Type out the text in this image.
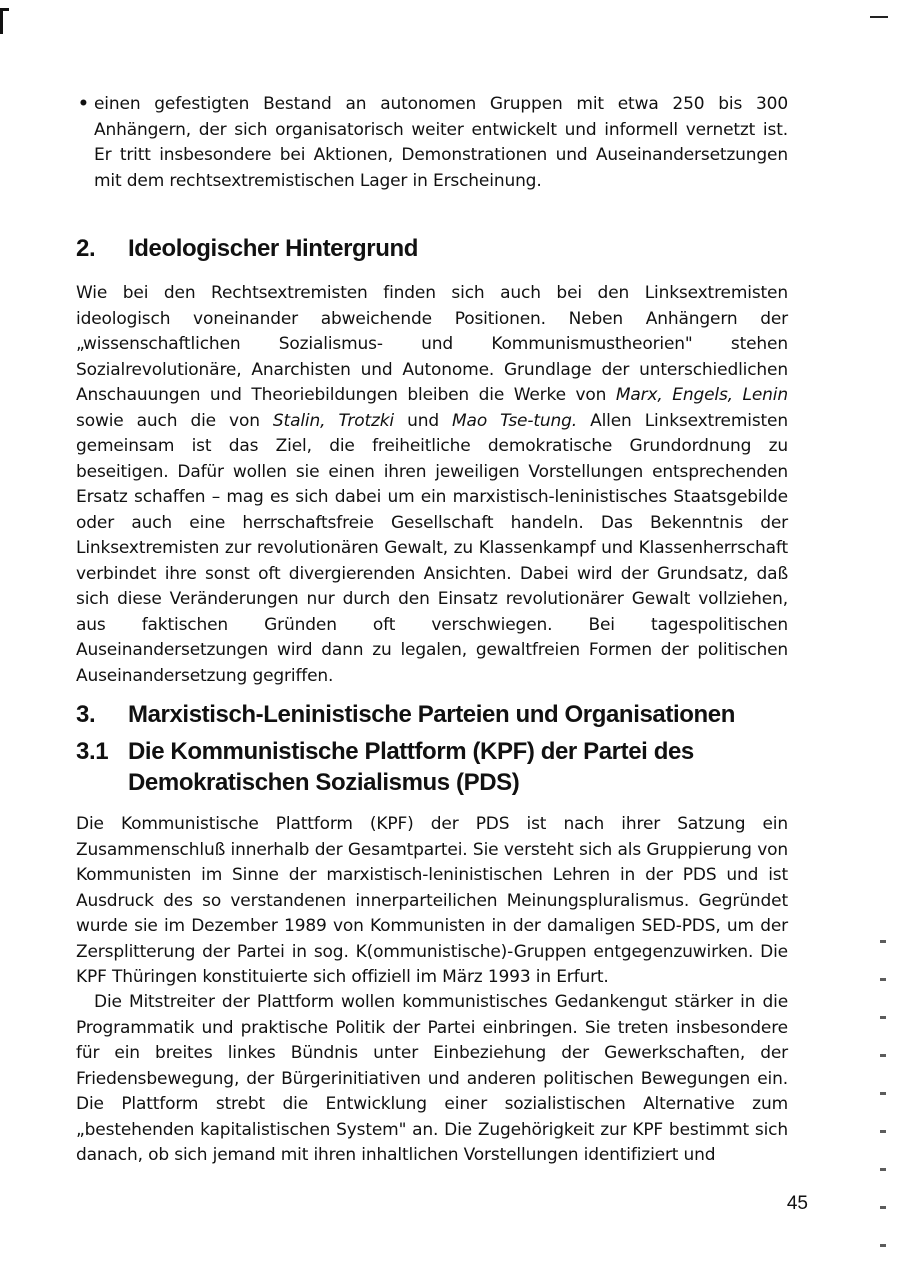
• einen gefestigten Bestand an autonomen Gruppen mit etwa 250 bis 300 Anhängern, der sich organisatorisch weiter entwickelt und informell vernetzt ist. Er tritt insbesondere bei Aktionen, Demonstrationen und Auseinandersetzungen mit dem rechtsextremistischen Lager in Erscheinung.

2. Ideologischer Hintergrund

Wie bei den Rechtsextremisten finden sich auch bei den Linksextremisten ideologisch voneinander abweichende Positionen. Neben Anhängern der „wissenschaftlichen Sozialismus- und Kommunismustheorien" stehen Sozialrevolutionäre, Anarchisten und Autonome. Grundlage der unterschiedlichen Anschauungen und Theoriebildungen bleiben die Werke von Marx, Engels, Lenin sowie auch die von Stalin, Trotzki und Mao Tse-tung. Allen Linksextremisten gemeinsam ist das Ziel, die freiheitliche demokratische Grundordnung zu beseitigen. Dafür wollen sie einen ihren jeweiligen Vorstellungen entsprechenden Ersatz schaffen – mag es sich dabei um ein marxistisch-leninistisches Staatsgebilde oder auch eine herrschaftsfreie Gesellschaft handeln. Das Bekenntnis der Linksextremisten zur revolutionären Gewalt, zu Klassenkampf und Klassenherrschaft verbindet ihre sonst oft divergierenden Ansichten. Dabei wird der Grundsatz, daß sich diese Veränderungen nur durch den Einsatz revolutionärer Gewalt vollziehen, aus faktischen Gründen oft verschwiegen. Bei tagespolitischen Auseinandersetzungen wird dann zu legalen, gewaltfreien Formen der politischen Auseinandersetzung gegriffen.

3. Marxistisch-Leninistische Parteien und Organisationen
3.1 Die Kommunistische Plattform (KPF) der Partei des
Demokratischen Sozialismus (PDS)

Die Kommunistische Plattform (KPF) der PDS ist nach ihrer Satzung ein Zusammenschluß innerhalb der Gesamtpartei. Sie versteht sich als Gruppierung von Kommunisten im Sinne der marxistisch-leninistischen Lehren in der PDS und ist Ausdruck des so verstandenen innerparteilichen Meinungspluralismus. Gegründet wurde sie im Dezember 1989 von Kommunisten in der damaligen SED-PDS, um der Zersplitterung der Partei in sog. K(ommunistische)-Gruppen entgegenzuwirken. Die KPF Thüringen konstituierte sich offiziell im März 1993 in Erfurt.

Die Mitstreiter der Plattform wollen kommunistisches Gedankengut stärker in die Programmatik und praktische Politik der Partei einbringen. Sie treten insbesondere für ein breites linkes Bündnis unter Einbeziehung der Gewerkschaften, der Friedensbewegung, der Bürgerinitiativen und anderen politischen Bewegungen ein. Die Plattform strebt die Entwicklung einer sozialistischen Alternative zum „bestehenden kapitalistischen System" an. Die Zugehörigkeit zur KPF bestimmt sich danach, ob sich jemand mit ihren inhaltlichen Vorstellungen identifiziert und

45
